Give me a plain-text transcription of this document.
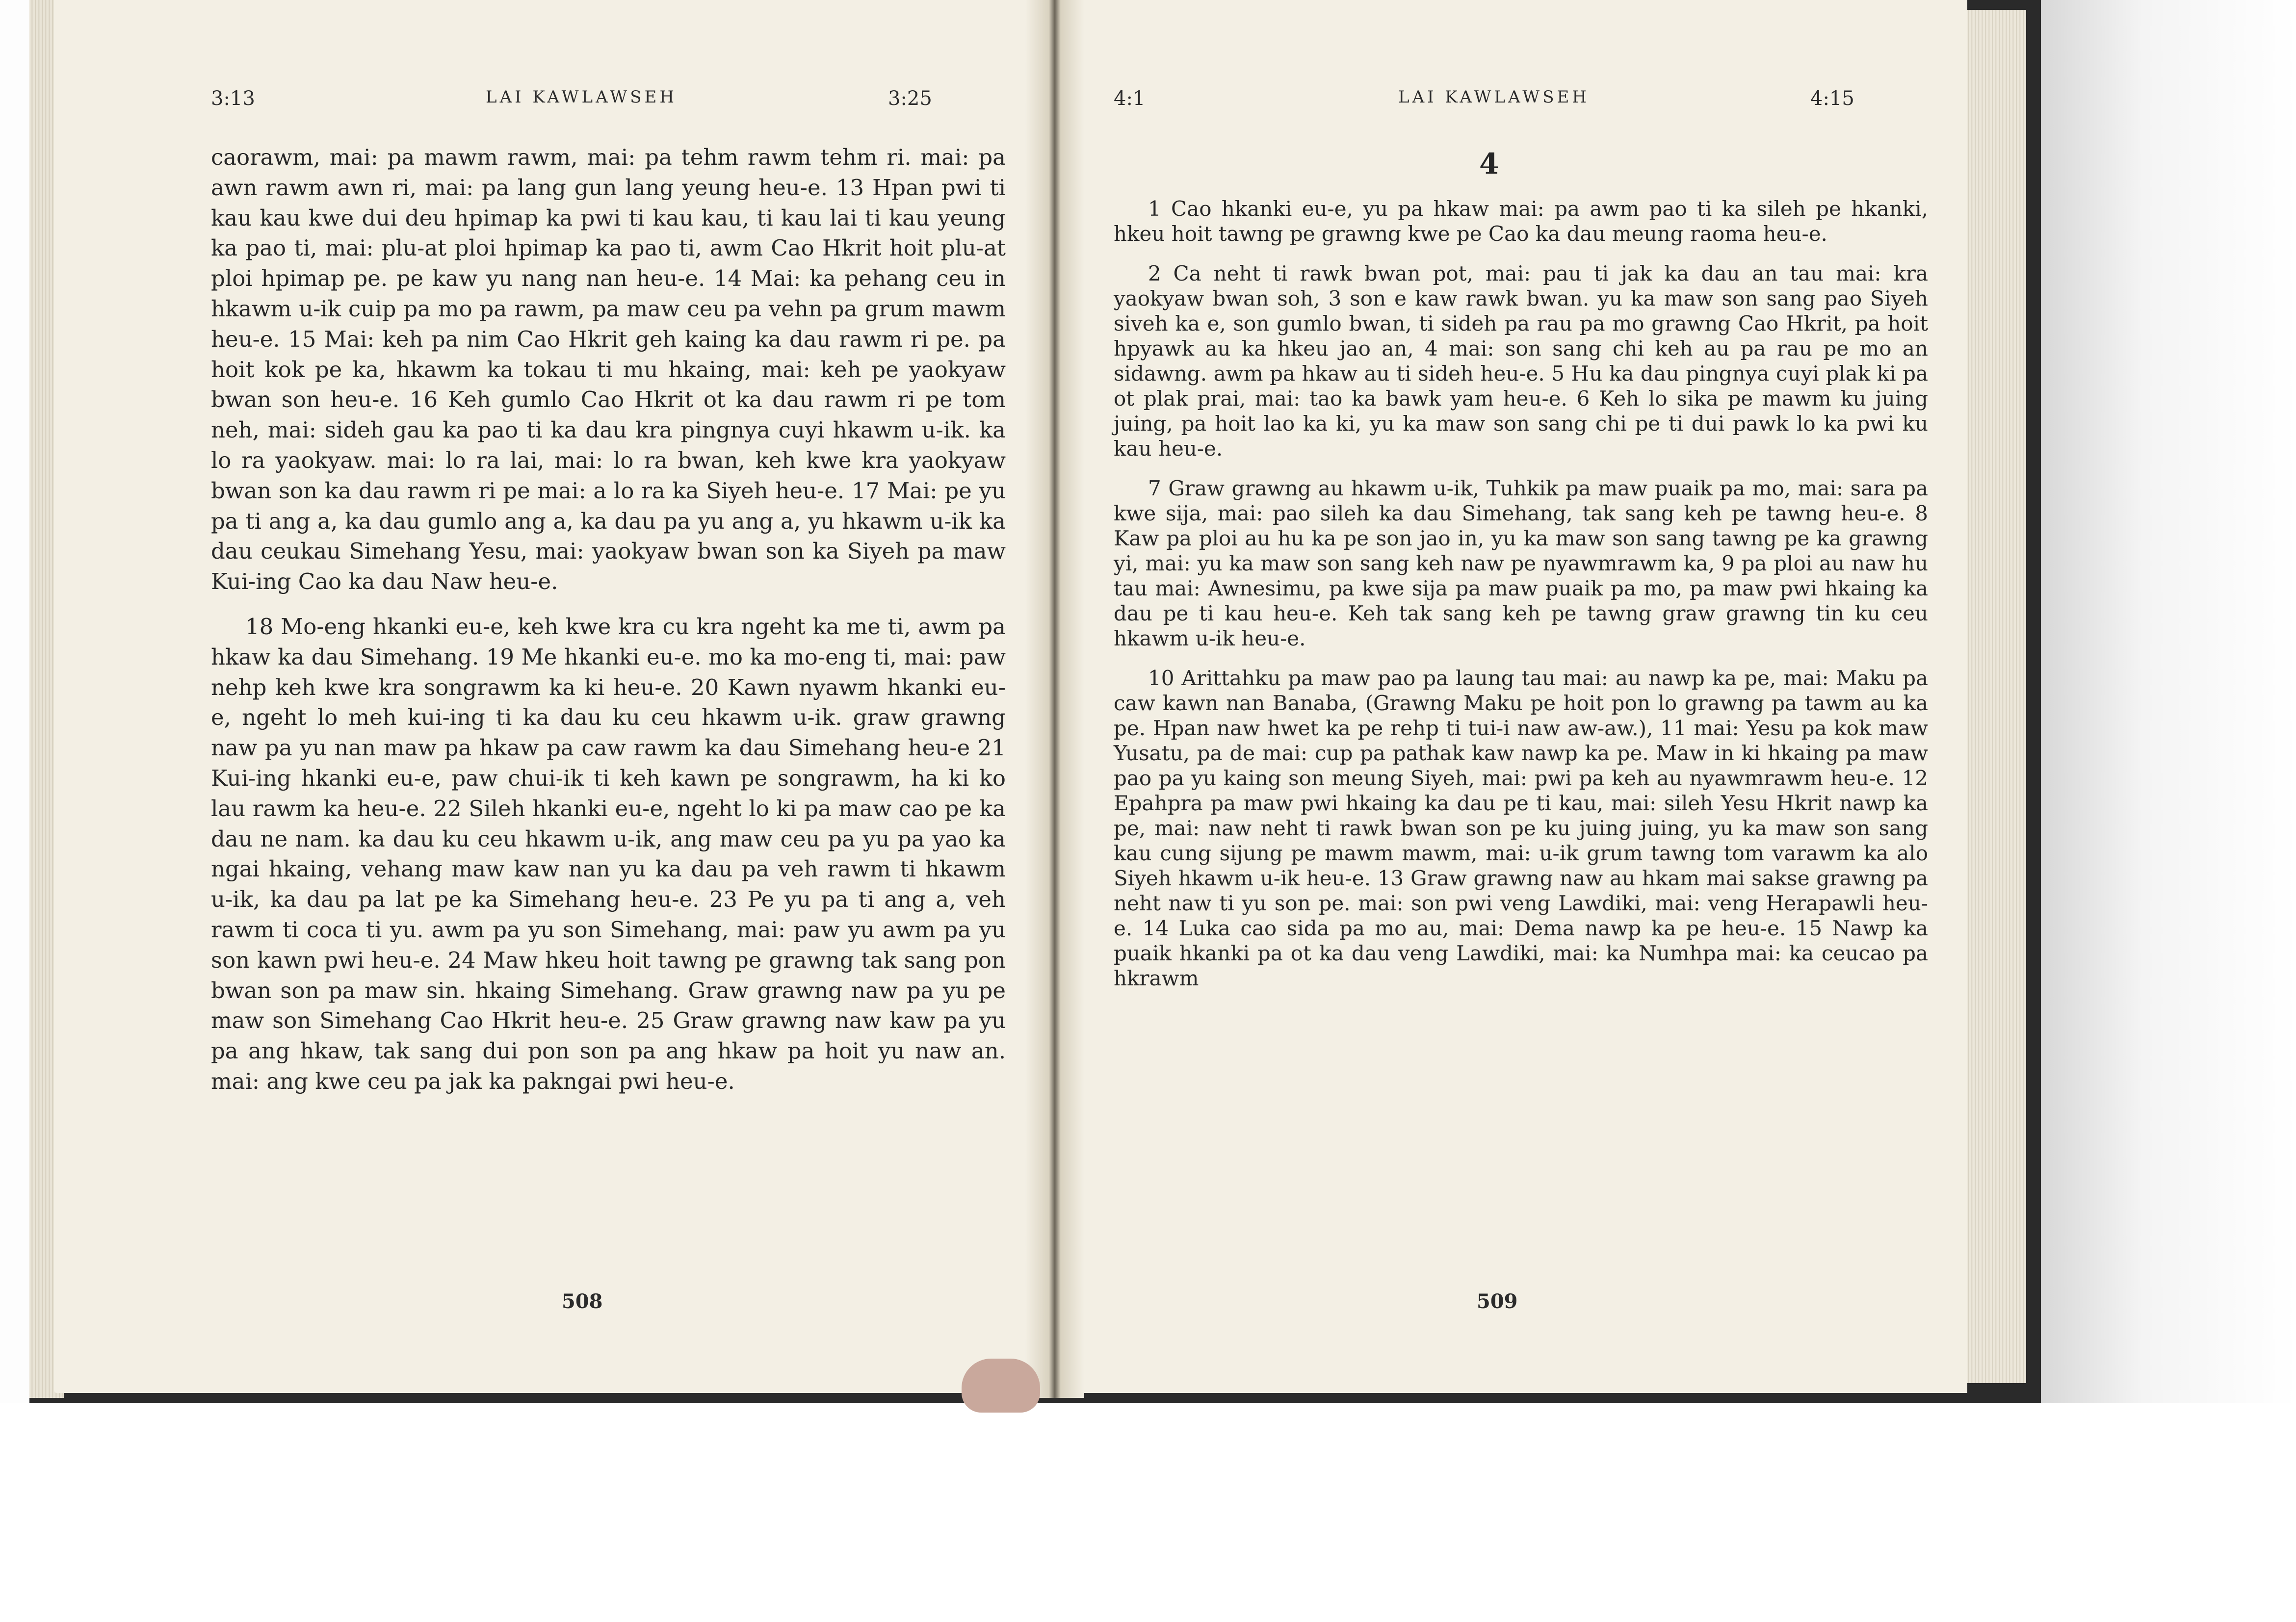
3:13	LAI KAWLAWSEH	3:25

caorawm, mai: pa mawm rawm, mai: pa tehm rawm tehm ri. mai: pa awn rawm awn ri, mai: pa lang gun lang yeung heu-e. 13 Hpan pwi ti kau kau kwe dui deu hpimap ka pwi ti kau kau, ti kau lai ti kau yeung ka pao ti, mai: plu-at ploi hpimap ka pao ti, awm Cao Hkrit hoit plu-at ploi hpimap pe. pe kaw yu nang nan heu-e. 14 Mai: ka pehang ceu in hkawm u-ik cuip pa mo pa rawm, pa maw ceu pa vehn pa grum mawm heu-e. 15 Mai: keh pa nim Cao Hkrit geh kaing ka dau rawm ri pe. pa hoit kok pe ka, hkawm ka tokau ti mu hkaing, mai: keh pe yaokyaw bwan son heu-e. 16 Keh gumlo Cao Hkrit ot ka dau rawm ri pe tom neh, mai: sideh gau ka pao ti ka dau kra pingnya cuyi hkawm u-ik. ka lo ra yaokyaw. mai: lo ra lai, mai: lo ra bwan, keh kwe kra yaokyaw bwan son ka dau rawm ri pe mai: a lo ra ka Siyeh heu-e. 17 Mai: pe yu pa ti ang a, ka dau gumlo ang a, ka dau pa yu ang a, yu hkawm u-ik ka dau ceukau Simehang Yesu, mai: yaokyaw bwan son ka Siyeh pa maw Kui-ing Cao ka dau Naw heu-e.

18 Mo-eng hkanki eu-e, keh kwe kra cu kra ngeht ka me ti, awm pa hkaw ka dau Simehang. 19 Me hkanki eu-e. mo ka mo-eng ti, mai: paw nehp keh kwe kra songrawm ka ki heu-e. 20 Kawn nyawm hkanki eu-e, ngeht lo meh kui-ing ti ka dau ku ceu hkawm u-ik. graw grawng naw pa yu nan maw pa hkaw pa caw rawm ka dau Simehang heu-e 21 Kui-ing hkanki eu-e, paw chui-ik ti keh kawn pe songrawm, ha ki ko lau rawm ka heu-e. 22 Sileh hkanki eu-e, ngeht lo ki pa maw cao pe ka dau ne nam. ka dau ku ceu hkawm u-ik, ang maw ceu pa yu pa yao ka ngai hkaing, vehang maw kaw nan yu ka dau pa veh rawm ti hkawm u-ik, ka dau pa lat pe ka Simehang heu-e. 23 Pe yu pa ti ang a, veh rawm ti coca ti yu. awm pa yu son Simehang, mai: paw yu awm pa yu son kawn pwi heu-e. 24 Maw hkeu hoit tawng pe grawng tak sang pon bwan son pa maw sin. hkaing Simehang. Graw grawng naw pa yu pe maw son Simehang Cao Hkrit heu-e. 25 Graw grawng naw kaw pa yu pa ang hkaw, tak sang dui pon son pa ang hkaw pa hoit yu naw an. mai: ang kwe ceu pa jak ka pakngai pwi heu-e.

508
4:1	LAI KAWLAWSEH	4:15
4

1 Cao hkanki eu-e, yu pa hkaw mai: pa awm pao ti ka sileh pe hkanki, hkeu hoit tawng pe grawng kwe pe Cao ka dau meung raoma heu-e.

2 Ca neht ti rawk bwan pot, mai: pau ti jak ka dau an tau mai: kra yaokyaw bwan soh, 3 son e kaw rawk bwan. yu ka maw son sang pao Siyeh siveh ka e, son gumlo bwan, ti sideh pa rau pa mo grawng Cao Hkrit, pa hoit hpyawk au ka hkeu jao an, 4 mai: son sang chi keh au pa rau pe mo an sidawng. awm pa hkaw au ti sideh heu-e. 5 Hu ka dau pingnya cuyi plak ki pa ot plak prai, mai: tao ka bawk yam heu-e. 6 Keh lo sika pe mawm ku juing juing, pa hoit lao ka ki, yu ka maw son sang chi pe ti dui pawk lo ka pwi ku kau heu-e.

7 Graw grawng au hkawm u-ik, Tuhkik pa maw puaik pa mo, mai: sara pa kwe sija, mai: pao sileh ka dau Simehang, tak sang keh pe tawng heu-e. 8 Kaw pa ploi au hu ka pe son jao in, yu ka maw son sang tawng pe ka grawng yi, mai: yu ka maw son sang keh naw pe nyawmrawm ka, 9 pa ploi au naw hu tau mai: Awnesimu, pa kwe sija pa maw puaik pa mo, pa maw pwi hkaing ka dau pe ti kau heu-e. Keh tak sang keh pe tawng graw grawng tin ku ceu hkawm u-ik heu-e.

10 Arittahku pa maw pao pa laung tau mai: au nawp ka pe, mai: Maku pa caw kawn nan Banaba, (Grawng Maku pe hoit pon lo grawng pa tawm au ka pe. Hpan naw hwet ka pe rehp ti tui-i naw aw-aw.), 11 mai: Yesu pa kok maw Yusatu, pa de mai: cup pa pathak kaw nawp ka pe. Maw in ki hkaing pa maw pao pa yu kaing son meung Siyeh, mai: pwi pa keh au nyawmrawm heu-e. 12 Epahpra pa maw pwi hkaing ka dau pe ti kau, mai: sileh Yesu Hkrit nawp ka pe, mai: naw neht ti rawk bwan son pe ku juing juing, yu ka maw son sang kau cung sijung pe mawm mawm, mai: u-ik grum tawng tom varawm ka alo Siyeh hkawm u-ik heu-e. 13 Graw grawng naw au hkam mai sakse grawng pa neht naw ti yu son pe. mai: son pwi veng Lawdiki, mai: veng Herapawli heu-e. 14 Luka cao sida pa mo au, mai: Dema nawp ka pe heu-e. 15 Nawp ka puaik hkanki pa ot ka dau veng Lawdiki, mai: ka Numhpa mai: ka ceucao pa hkrawm

509
